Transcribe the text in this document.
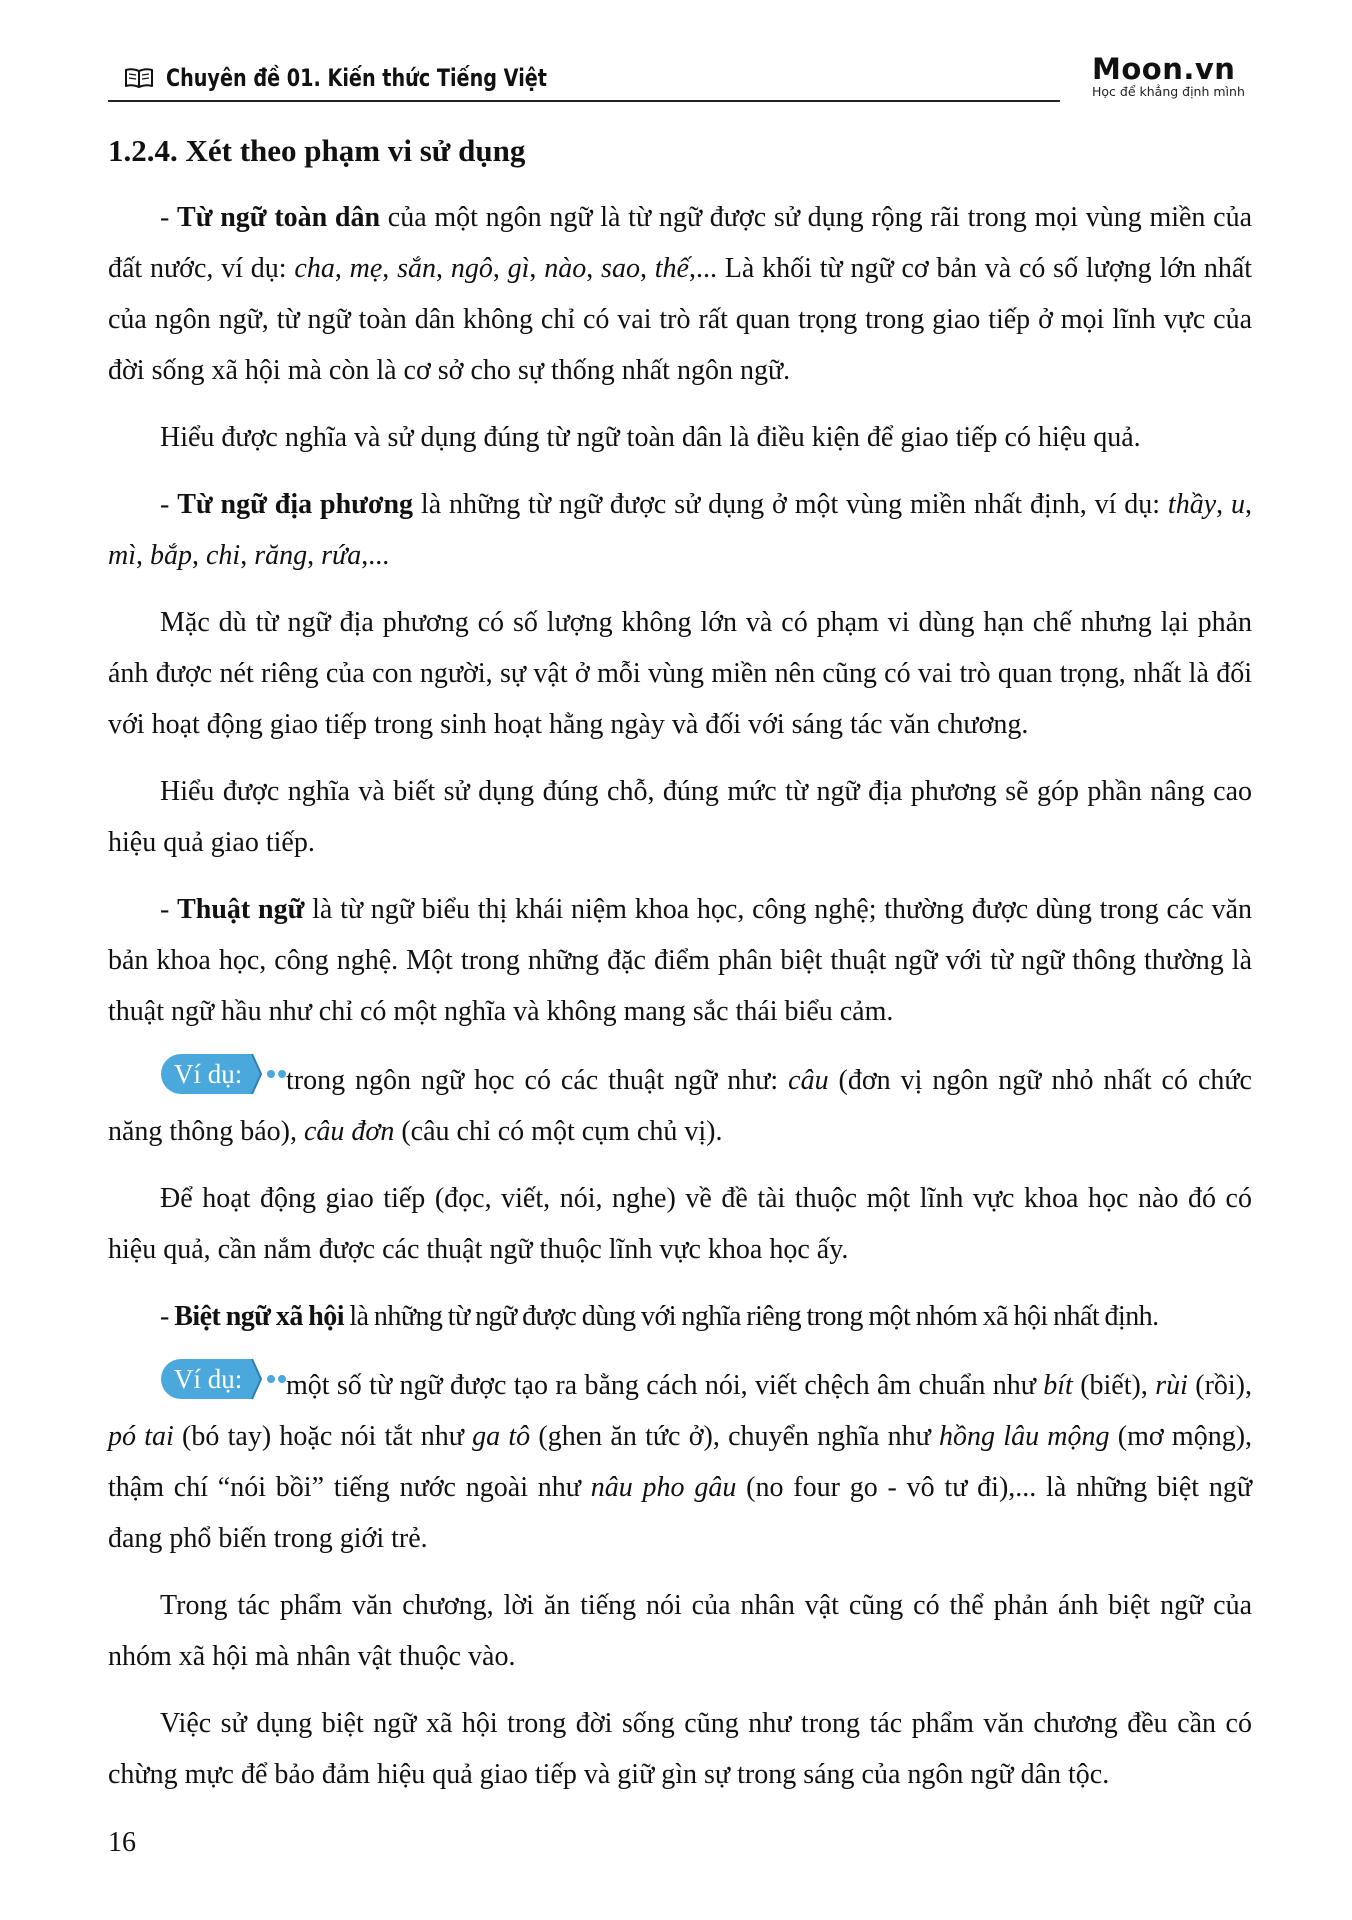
Chuyên đề 01. Kiến thức Tiếng Việt	Moon.vn
Học để khẳng định mình
1.2.4. Xét theo phạm vi sử dụng

- Từ ngữ toàn dân của một ngôn ngữ là từ ngữ được sử dụng rộng rãi trong mọi vùng miền của đất nước, ví dụ: cha, mẹ, sắn, ngô, gì, nào, sao, thế,... Là khối từ ngữ cơ bản và có số lượng lớn nhất của ngôn ngữ, từ ngữ toàn dân không chỉ có vai trò rất quan trọng trong giao tiếp ở mọi lĩnh vực của đời sống xã hội mà còn là cơ sở cho sự thống nhất ngôn ngữ.

Hiểu được nghĩa và sử dụng đúng từ ngữ toàn dân là điều kiện để giao tiếp có hiệu quả.

- Từ ngữ địa phương là những từ ngữ được sử dụng ở một vùng miền nhất định, ví dụ: thầy, u, mì, bắp, chi, răng, rứa,...

Mặc dù từ ngữ địa phương có số lượng không lớn và có phạm vi dùng hạn chế nhưng lại phản ánh được nét riêng của con người, sự vật ở mỗi vùng miền nên cũng có vai trò quan trọng, nhất là đối với hoạt động giao tiếp trong sinh hoạt hằng ngày và đối với sáng tác văn chương.

Hiểu được nghĩa và biết sử dụng đúng chỗ, đúng mức từ ngữ địa phương sẽ góp phần nâng cao hiệu quả giao tiếp.

- Thuật ngữ là từ ngữ biểu thị khái niệm khoa học, công nghệ; thường được dùng trong các văn bản khoa học, công nghệ. Một trong những đặc điểm phân biệt thuật ngữ với từ ngữ thông thường là thuật ngữ hầu như chỉ có một nghĩa và không mang sắc thái biểu cảm.

Ví dụ: trong ngôn ngữ học có các thuật ngữ như: câu (đơn vị ngôn ngữ nhỏ nhất có chức năng thông báo), câu đơn (câu chỉ có một cụm chủ vị).

Để hoạt động giao tiếp (đọc, viết, nói, nghe) về đề tài thuộc một lĩnh vực khoa học nào đó có hiệu quả, cần nắm được các thuật ngữ thuộc lĩnh vực khoa học ấy.

- Biệt ngữ xã hội là những từ ngữ được dùng với nghĩa riêng trong một nhóm xã hội nhất định.

Ví dụ: một số từ ngữ được tạo ra bằng cách nói, viết chệch âm chuẩn như bít (biết), rùi (rồi), pó tai (bó tay) hoặc nói tắt như ga tô (ghen ăn tức ở), chuyển nghĩa như hồng lâu mộng (mơ mộng), thậm chí “nói bồi” tiếng nước ngoài như nâu pho gâu (no four go - vô tư đi),... là những biệt ngữ đang phổ biến trong giới trẻ.

Trong tác phẩm văn chương, lời ăn tiếng nói của nhân vật cũng có thể phản ánh biệt ngữ của nhóm xã hội mà nhân vật thuộc vào.

Việc sử dụng biệt ngữ xã hội trong đời sống cũng như trong tác phẩm văn chương đều cần có chừng mực để bảo đảm hiệu quả giao tiếp và giữ gìn sự trong sáng của ngôn ngữ dân tộc.

16
